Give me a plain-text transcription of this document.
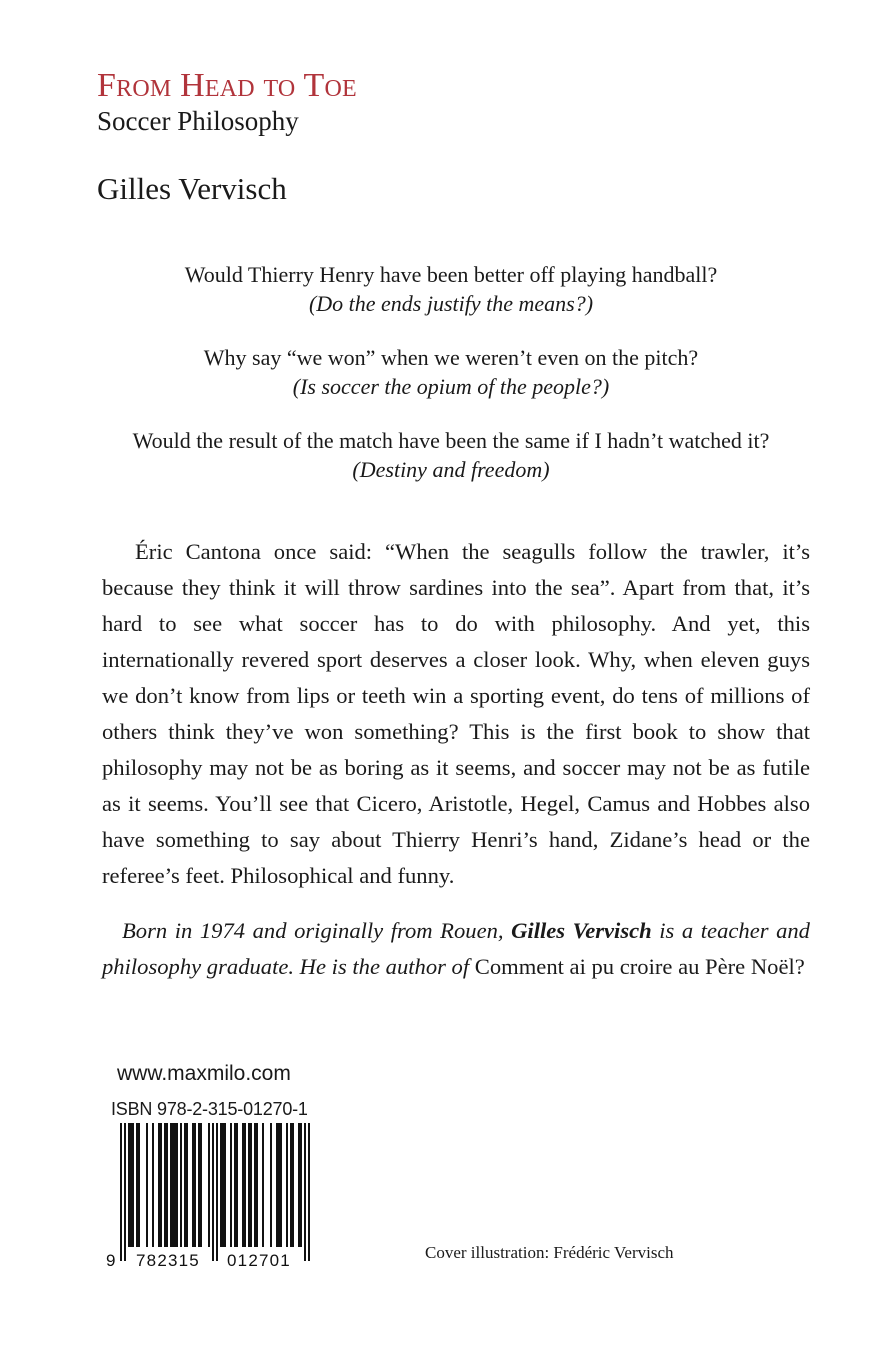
From Head to Toe
Soccer Philosophy
Gilles Vervisch

Would Thierry Henry have been better off playing handball?
(Do the ends justify the means?)

Why say “we won” when we weren’t even on the pitch?
(Is soccer the opium of the people?)

Would the result of the match have been the same if I hadn’t watched it?
(Destiny and freedom)

Éric Cantona once said: “When the seagulls follow the trawler, it’s because they think it will throw sardines into the sea”. Apart from that, it’s hard to see what soccer has to do with philosophy. And yet, this internationally revered sport deserves a closer look. Why, when eleven guys we don’t know from lips or teeth win a sporting event, do tens of millions of others think they’ve won something? This is the first book to show that philosophy may not be as boring as it seems, and soccer may not be as futile as it seems. You’ll see that Cicero, Aristotle, Hegel, Camus and Hobbes also have something to say about Thierry Henri’s hand, Zidane’s head or the referee’s feet. Philosophical and funny.

Born in 1974 and originally from Rouen, Gilles Vervisch is a teacher and philosophy graduate. He is the author of Comment ai pu croire au Père Noël?

www.maxmilo.com
ISBN 978-2-315-01270-1
9 782315 012701	Cover illustration: Frédéric Vervisch
